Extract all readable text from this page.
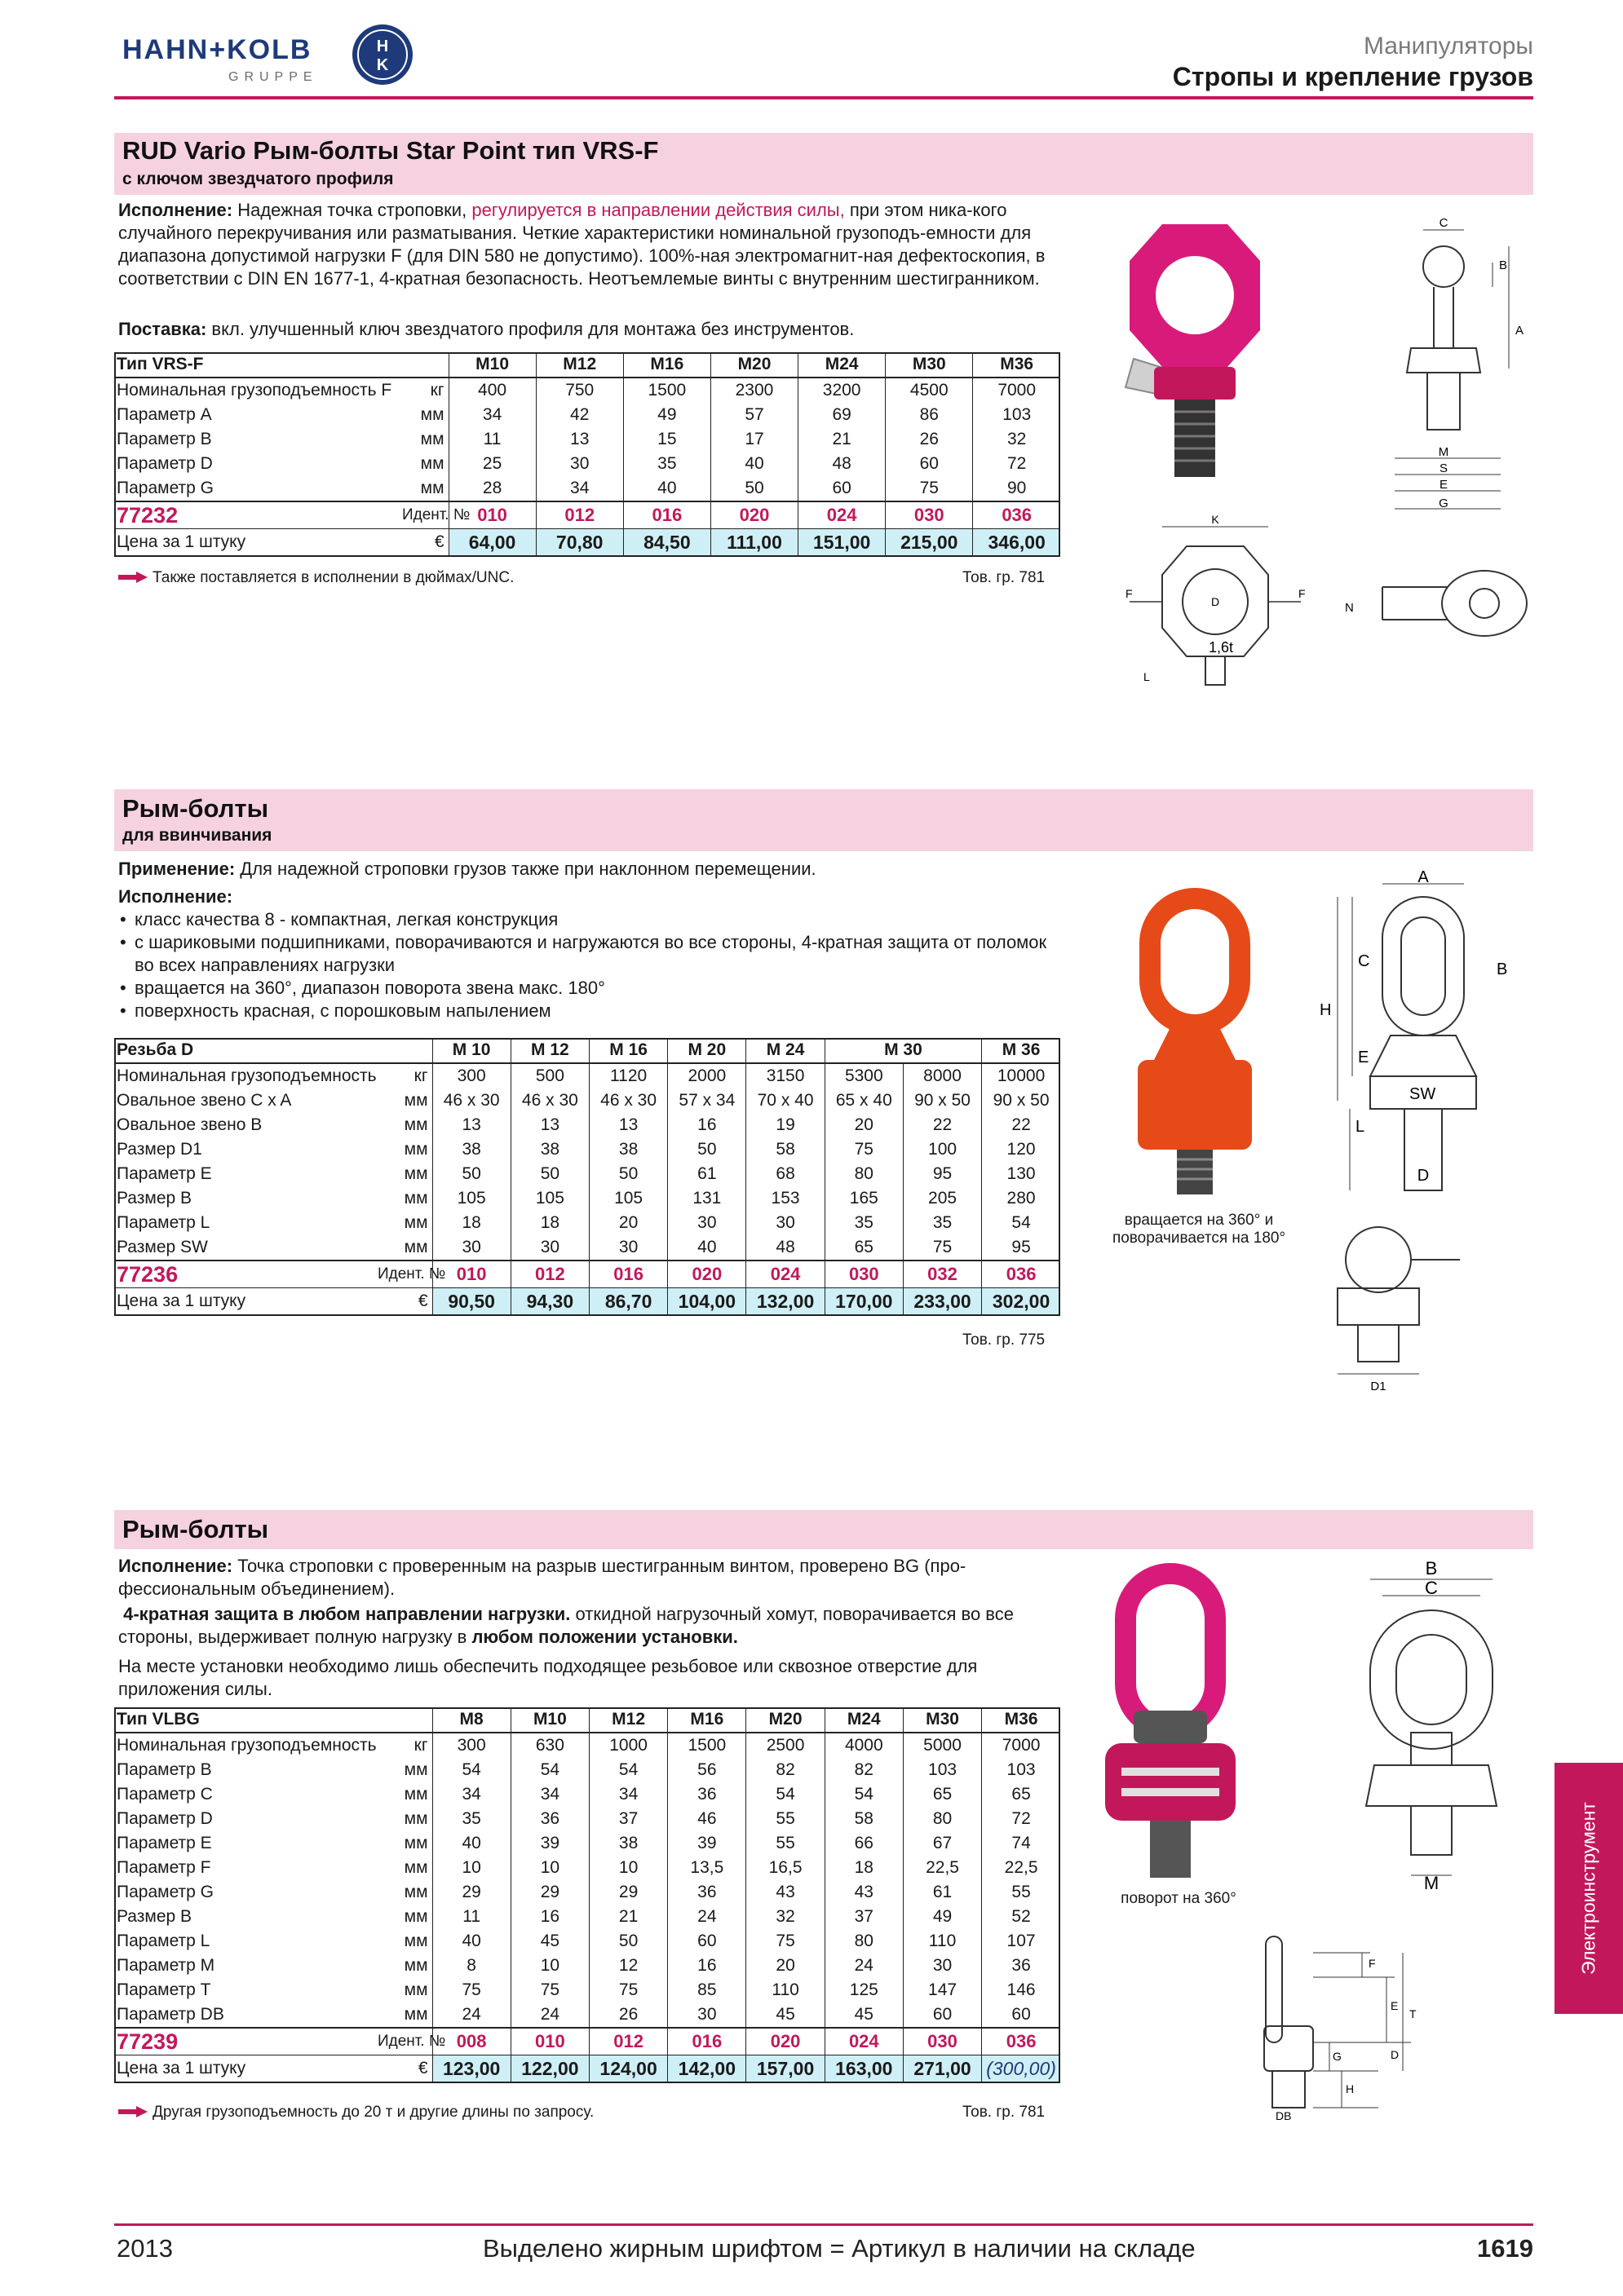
HAHN+KOLB
GRUPPE
H
K
Манипуляторы
Стропы и крепление грузов
RUD Vario Рым-болты Star Point тип VRS-F
с ключом звездчатого профиля
Исполнение: Надежная точка строповки, регулируется в направлении действия силы, при этом ника-кого случайного перекручивания или разматывания. Четкие характеристики номинальной грузоподъ-емности для диапазона допустимой нагрузки F (для DIN 580 не допустимо). 100%-ная электромагнит-ная дефектоскопия, в соответствии с DIN EN 1677-1, 4-кратная безопасность. Неотъемлемые винты с внутренним шестигранником.
Поставка: вкл. улучшенный ключ звездчатого профиля для монтажа без инструментов.
Тип VRS-F		M10	M12	M16	M20	M24	M30	M36
Номинальная грузоподъемность F	кг	400	750	1500	2300	3200	4500	7000
Параметр A	мм	34	42	49	57	69	86	103
Параметр B	мм	11	13	15	17	21	26	32
Параметр D	мм	25	30	35	40	48	60	72
Параметр G	мм	28	34	40	50	60	75	90
77232	Идент. №	010	012	016	020	024	030	036
Цена за 1 штуку	€	64,00	70,80	84,50	111,00	151,00	215,00	346,00
Также поставляется в исполнении в дюймах/UNC.	Тов. гр. 781
C
B
A
M
S
E
G
K
F	F
D
1,6t
L
N
Рым-болты
для ввинчивания
Применение: Для надежной строповки грузов также при наклонном перемещении.
Исполнение:
• класс качества 8 - компактная, легкая конструкция
• с шариковыми подшипниками, поворачиваются и нагружаются во все стороны, 4-кратная защита от поломок во всех направлениях нагрузки
• вращается на 360°, диапазон поворота звена макс. 180°
• поверхность красная, с порошковым напылением
Резьба D		M 10	M 12	M 16	M 20	M 24	M 30		M 36
Номинальная грузоподъемность	кг	300	500	1120	2000	3150	5300	8000	10000
Овальное звено C x A	мм	46 x 30	46 x 30	46 x 30	57 x 34	70 x 40	65 x 40	90 x 50	90 x 50
Овальное звено B	мм	13	13	13	16	19	20	22	22
Размер D1	мм	38	38	38	50	58	75	100	120
Параметр E	мм	50	50	50	61	68	80	95	130
Размер B	мм	105	105	105	131	153	165	205	280
Параметр L	мм	18	18	20	30	30	35	35	54
Размер SW	мм	30	30	30	40	48	65	75	95
77236	Идент. №	010	012	016	020	024	030	032	036
Цена за 1 штуку	€	90,50	94,30	86,70	104,00	132,00	170,00	233,00	302,00
Тов. гр. 775
вращается на 360° и поворачивается на 180°
A
B
C
H
E
SW
L
D
D1
Рым-болты
Исполнение: Точка строповки с проверенным на разрыв шестигранным винтом, проверено BG (про-фессиональным объединением).
4-кратная защита в любом направлении нагрузки. откидной нагрузочный хомут, поворачивается во все стороны, выдерживает полную нагрузку в любом положении установки.
На месте установки необходимо лишь обеспечить подходящее резьбовое или сквозное отверстие для приложения силы.
Тип VLBG		M8	M10	M12	M16	M20	M24	M30	M36
Номинальная грузоподъемность	кг	300	630	1000	1500	2500	4000	5000	7000
Параметр B	мм	54	54	54	56	82	82	103	103
Параметр C	мм	34	34	34	36	54	54	65	65
Параметр D	мм	35	36	37	46	55	58	80	72
Параметр E	мм	40	39	38	39	55	66	67	74
Параметр F	мм	10	10	10	13,5	16,5	18	22,5	22,5
Параметр G	мм	29	29	29	36	43	43	61	55
Размер B	мм	11	16	21	24	32	37	49	52
Параметр L	мм	40	45	50	60	75	80	110	107
Параметр M	мм	8	10	12	16	20	24	30	36
Параметр T	мм	75	75	75	85	110	125	147	146
Параметр DB	мм	24	24	26	30	45	45	60	60
77239	Идент. №	008	010	012	016	020	024	030	036
Цена за 1 штуку	€	123,00	122,00	124,00	142,00	157,00	163,00	271,00	(300,00)
Другая грузоподъемность до 20 т и другие длины по запросу.	Тов. гр. 781
поворот на 360°
B
C
M
F
E
T
D
G
H
DB
Электроинструмент
2013	Выделено жирным шрифтом = Артикул в наличии на складе	1619
